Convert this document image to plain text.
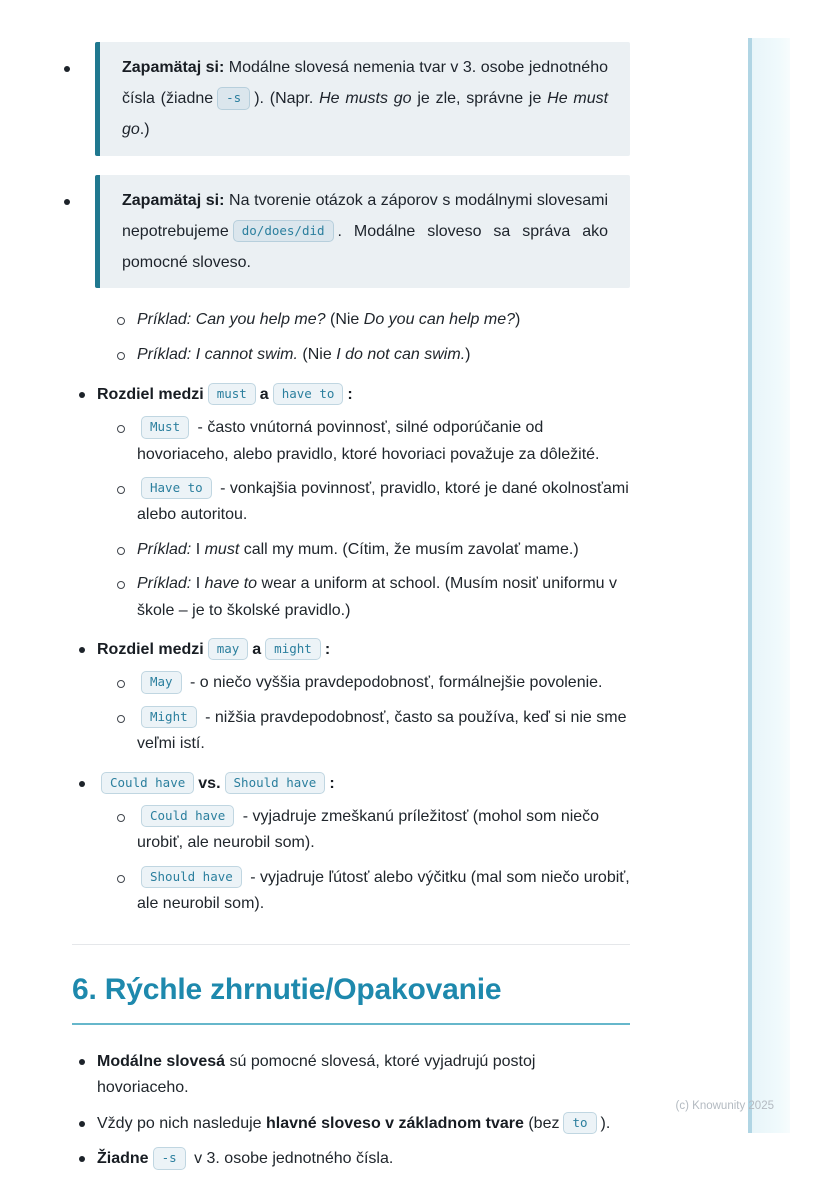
Zapamätaj si: Modálne slovesá nemenia tvar v 3. osobe jednotného čísla (žiadne -s ). (Napr. He musts go je zle, správne je He must go.)
Zapamätaj si: Na tvorenie otázok a záporov s modálnymi slovesami nepotrebujeme do/does/did . Modálne sloveso sa správa ako pomocné sloveso.
Príklad: Can you help me? (Nie Do you can help me?)
Príklad: I cannot swim. (Nie I do not can swim.)
Rozdiel medzi must a have to :
Must - často vnútorná povinnosť, silné odporúčanie od hovoriaceho, alebo pravidlo, ktoré hovoriaci považuje za dôležité.
Have to - vonkajšia povinnosť, pravidlo, ktoré je dané okolnosťami alebo autoritou.
Príklad: I must call my mum. (Cítim, že musím zavolať mame.)
Príklad: I have to wear a uniform at school. (Musím nosiť uniformu v škole – je to školské pravidlo.)
Rozdiel medzi may a might :
May - o niečo vyššia pravdepodobnosť, formálnejšie povolenie.
Might - nižšia pravdepodobnosť, často sa používa, keď si nie sme veľmi istí.
Could have vs. Should have :
Could have - vyjadruje zmeškanú príležitosť (mohol som niečo urobiť, ale neurobil som).
Should have - vyjadruje ľútosť alebo výčitku (mal som niečo urobiť, ale neurobil som).
6. Rýchle zhrnutie/Opakovanie
Modálne slovesá sú pomocné slovesá, ktoré vyjadrujú postoj hovoriaceho.
Vždy po nich nasleduje hlavné sloveso v základnom tvare (bez to ).
Žiadne -s v 3. osobe jednotného čísla.
(c) Knowunity 2025
